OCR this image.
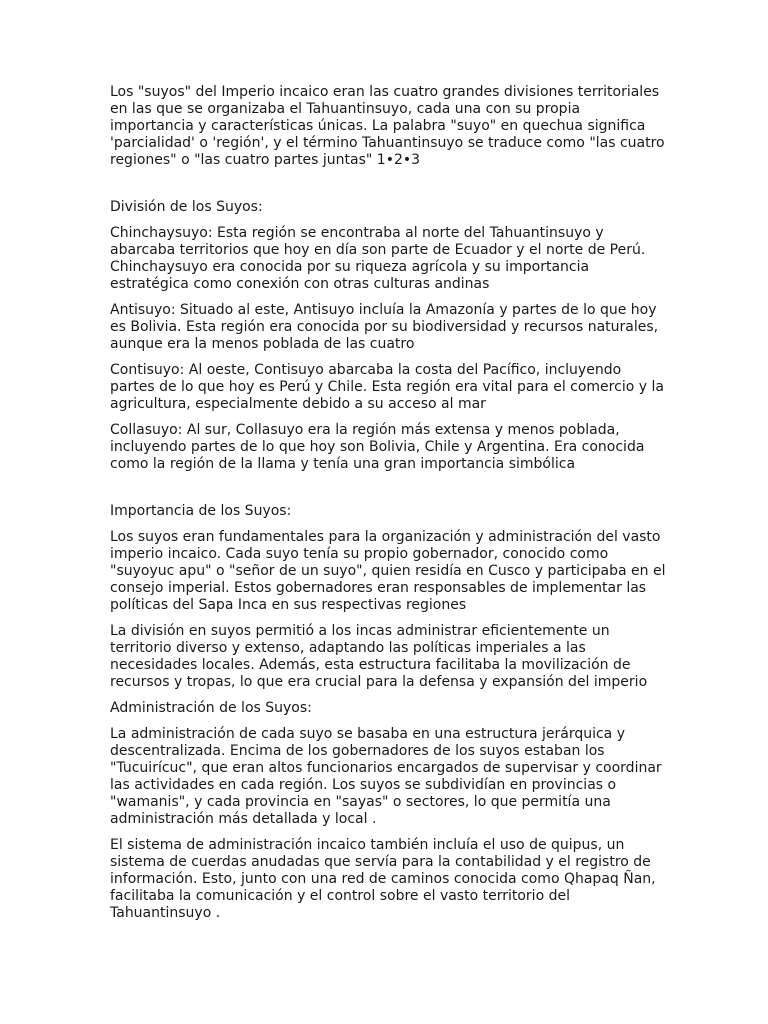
Los "suyos" del Imperio incaico eran las cuatro grandes divisiones territoriales en las que se organizaba el Tahuantinsuyo, cada una con su propia importancia y características únicas. La palabra "suyo" en quechua significa 'parcialidad' o 'región', y el término Tahuantinsuyo se traduce como "las cuatro regiones" o "las cuatro partes juntas" 1•2•3

División de los Suyos:

Chinchaysuyo: Esta región se encontraba al norte del Tahuantinsuyo y abarcaba territorios que hoy en día son parte de Ecuador y el norte de Perú. Chinchaysuyo era conocida por su riqueza agrícola y su importancia estratégica como conexión con otras culturas andinas

Antisuyo: Situado al este, Antisuyo incluía la Amazonía y partes de lo que hoy es Bolivia. Esta región era conocida por su biodiversidad y recursos naturales, aunque era la menos poblada de las cuatro

Contisuyo: Al oeste, Contisuyo abarcaba la costa del Pacífico, incluyendo partes de lo que hoy es Perú y Chile. Esta región era vital para el comercio y la agricultura, especialmente debido a su acceso al mar

Collasuyo: Al sur, Collasuyo era la región más extensa y menos poblada, incluyendo partes de lo que hoy son Bolivia, Chile y Argentina. Era conocida como la región de la llama y tenía una gran importancia simbólica

Importancia de los Suyos:

Los suyos eran fundamentales para la organización y administración del vasto imperio incaico. Cada suyo tenía su propio gobernador, conocido como "suyoyuc apu" o "señor de un suyo", quien residía en Cusco y participaba en el consejo imperial. Estos gobernadores eran responsables de implementar las políticas del Sapa Inca en sus respectivas regiones

La división en suyos permitió a los incas administrar eficientemente un territorio diverso y extenso, adaptando las políticas imperiales a las necesidades locales. Además, esta estructura facilitaba la movilización de recursos y tropas, lo que era crucial para la defensa y expansión del imperio

Administración de los Suyos:

La administración de cada suyo se basaba en una estructura jerárquica y descentralizada. Encima de los gobernadores de los suyos estaban los "Tucuirícuc", que eran altos funcionarios encargados de supervisar y coordinar las actividades en cada región. Los suyos se subdividían en provincias o "wamanis", y cada provincia en "sayas" o sectores, lo que permitía una administración más detallada y local .

El sistema de administración incaico también incluía el uso de quipus, un sistema de cuerdas anudadas que servía para la contabilidad y el registro de información. Esto, junto con una red de caminos conocida como Qhapaq Ñan, facilitaba la comunicación y el control sobre el vasto territorio del Tahuantinsuyo .
